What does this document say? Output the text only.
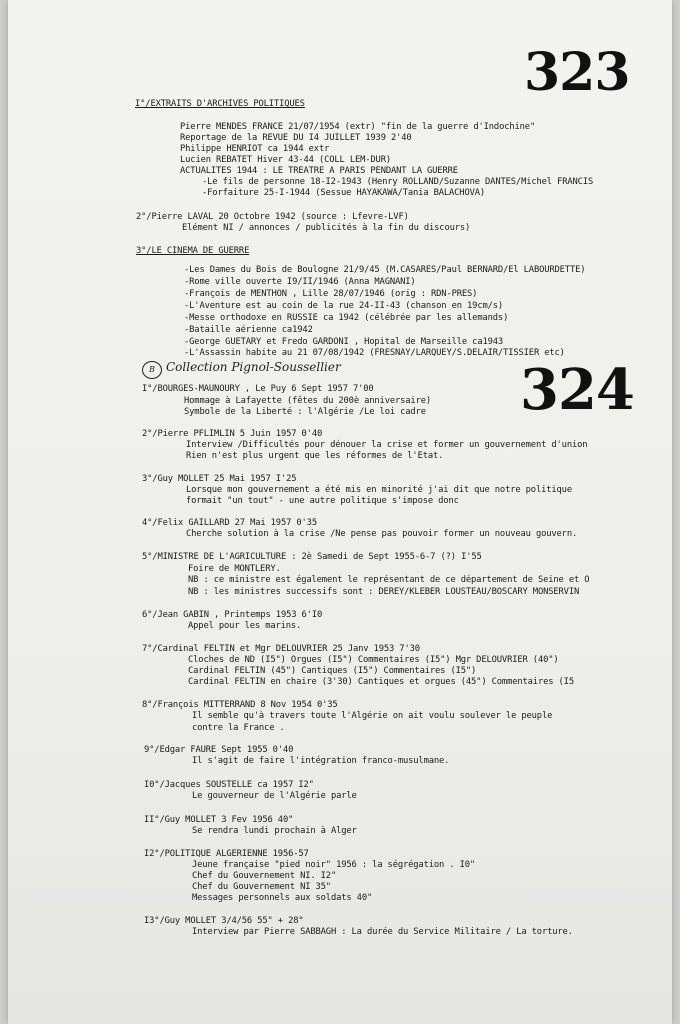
323
324
I°/EXTRAITS D'ARCHIVES POLITIQUES
Pierre MENDES FRANCE 21/07/1954 (extr) "fin de la guerre d'Indochine"
Reportage de la REVUE DU I4 JUILLET 1939 2'40
Philippe HENRIOT ca 1944 extr
Lucien REBATET Hiver 43-44 (COLL LEM-DUR)
ACTUALITES 1944 : LE TREATRE A PARIS PENDANT LA GUERRE
-Le fils de personne 18-I2-1943 (Henry ROLLAND/Suzanne DANTES/Michel FRANCIS
-Forfaiture 25-I-1944 (Sessue HAYAKAWA/Tania BALACHOVA)
2°/Pierre LAVAL 20 Octobre 1942 (source : Lfevre-LVF)
Elément NI / annonces / publicités à la fin du discours)
3°/LE CINEMA DE GUERRE
-Les Dames du Bois de Boulogne 21/9/45 (M.CASARES/Paul BERNARD/El LABOURDETTE)
-Rome ville ouverte I9/II/1946 (Anna MAGNANI)
-François de MENTHON , Lille 28/07/1946 (orig : RDN-PRES)
-L'Aventure est au coin de la rue 24-II-43 (chanson en 19cm/s)
-Messe orthodoxe en RUSSIE ca 1942 (célébrée par les allemands)
-Bataille aérienne ca1942
-George GUETARY et Fredo GARDONI , Hopital de Marseille ca1943
-L'Assassin habite au 21 07/08/1942 (FRESNAY/LARQUEY/S.DELAIR/TISSIER etc)
B Collection Pignol-Soussellier
I°/BOURGES-MAUNOURY , Le Puy 6 Sept 1957 7'00
Hommage à Lafayette (fêtes du 200è anniversaire)
Symbole de la Liberté : l'Algérie /Le loi cadre
2°/Pierre PFLIMLIN 5 Juin 1957 0'40
Interview /Difficultés pour dénouer la crise et former un gouvernement d'union
Rien n'est plus urgent que les réformes de l'Etat.
3°/Guy MOLLET 25 Mai 1957 I'25
Lorsque mon gouvernement a été mis en minorité j'ai dit que notre politique
formait "un tout" - une autre politique s'impose donc
4°/Felix GAILLARD 27 Mai 1957 0'35
Cherche solution à la crise /Ne pense pas pouvoir former un nouveau gouvern.
5°/MINISTRE DE L'AGRICULTURE : 2è Samedi de Sept 1955-6-7 (?) I'55
Foire de MONTLERY.
NB : ce ministre est également le représentant de ce département de Seine et O
NB : les ministres successifs sont : DEREY/KLEBER LOUSTEAU/BOSCARY MONSERVIN
6°/Jean GABIN , Printemps 1953 6'I0
Appel pour les marins.
7°/Cardinal FELTIN et Mgr DELOUVRIER 25 Janv 1953 7'30
Cloches de ND (I5") Orgues (I5") Commentaires (I5") Mgr DELOUVRIER (40")
Cardinal FELTIN (45") Cantiques (I5") Commentaires (I5")
Cardinal FELTIN en chaire (3'30) Cantiques et orgues (45") Commentaires (I5
8°/François MITTERRAND 8 Nov 1954 0'35
Il semble qu'à travers toute l'Algérie on ait voulu soulever le peuple
contre la France .
9°/Edgar FAURE Sept 1955 0'40
Il s'agit de faire l'intégration franco-musulmane.
I0°/Jacques SOUSTELLE ca 1957 I2"
Le gouverneur de l'Algérie parle
II°/Guy MOLLET 3 Fev 1956 40"
Se rendra lundi prochain à Alger
I2°/POLITIQUE ALGERIENNE 1956-57
Jeune française "pied noir" 1956 : la ségrégation . I0"
Chef du Gouvernement NI. I2"
Chef du Gouvernement NI 35"
Messages personnels aux soldats 40"
I3°/Guy MOLLET 3/4/56 55" + 28"
Interview par Pierre SABBAGH : La durée du Service Militaire / La torture.
